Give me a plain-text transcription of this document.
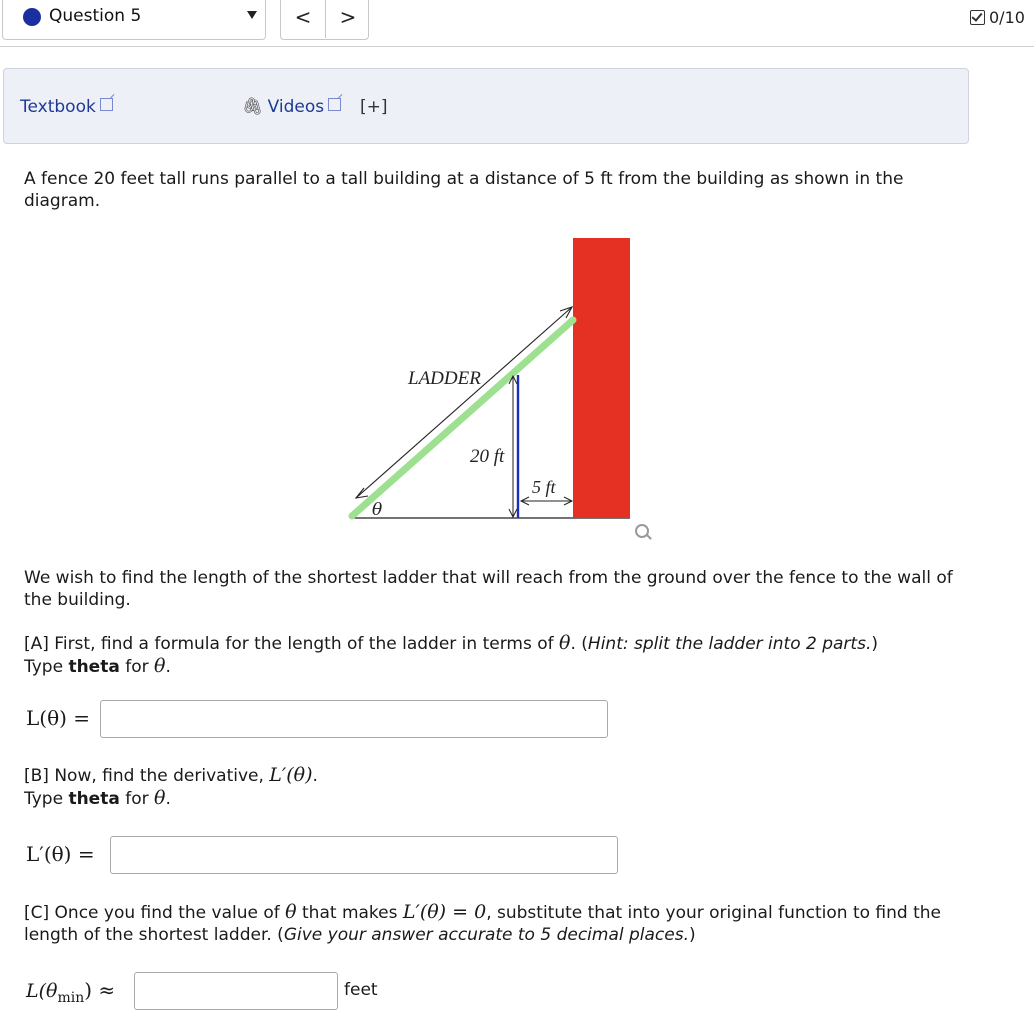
Question 5	<	>	0/10
Textbook	🖇 Videos	[+]
A fence 20 feet tall runs parallel to a tall building at a distance of 5 ft from the building as shown in the diagram.
LADDER
20 ft
5 ft
θ
We wish to find the length of the shortest ladder that will reach from the ground over the fence to the wall of the building.
[A] First, find a formula for the length of the ladder in terms of θ. (Hint: split the ladder into 2 parts.)
Type theta for θ.
L(θ) =
[B] Now, find the derivative, L′(θ).
Type theta for θ.
L′(θ) =
[C] Once you find the value of θ that makes L′(θ) = 0, substitute that into your original function to find the length of the shortest ladder. (Give your answer accurate to 5 decimal places.)
$L(\theta_{min})$ ≈	feet
